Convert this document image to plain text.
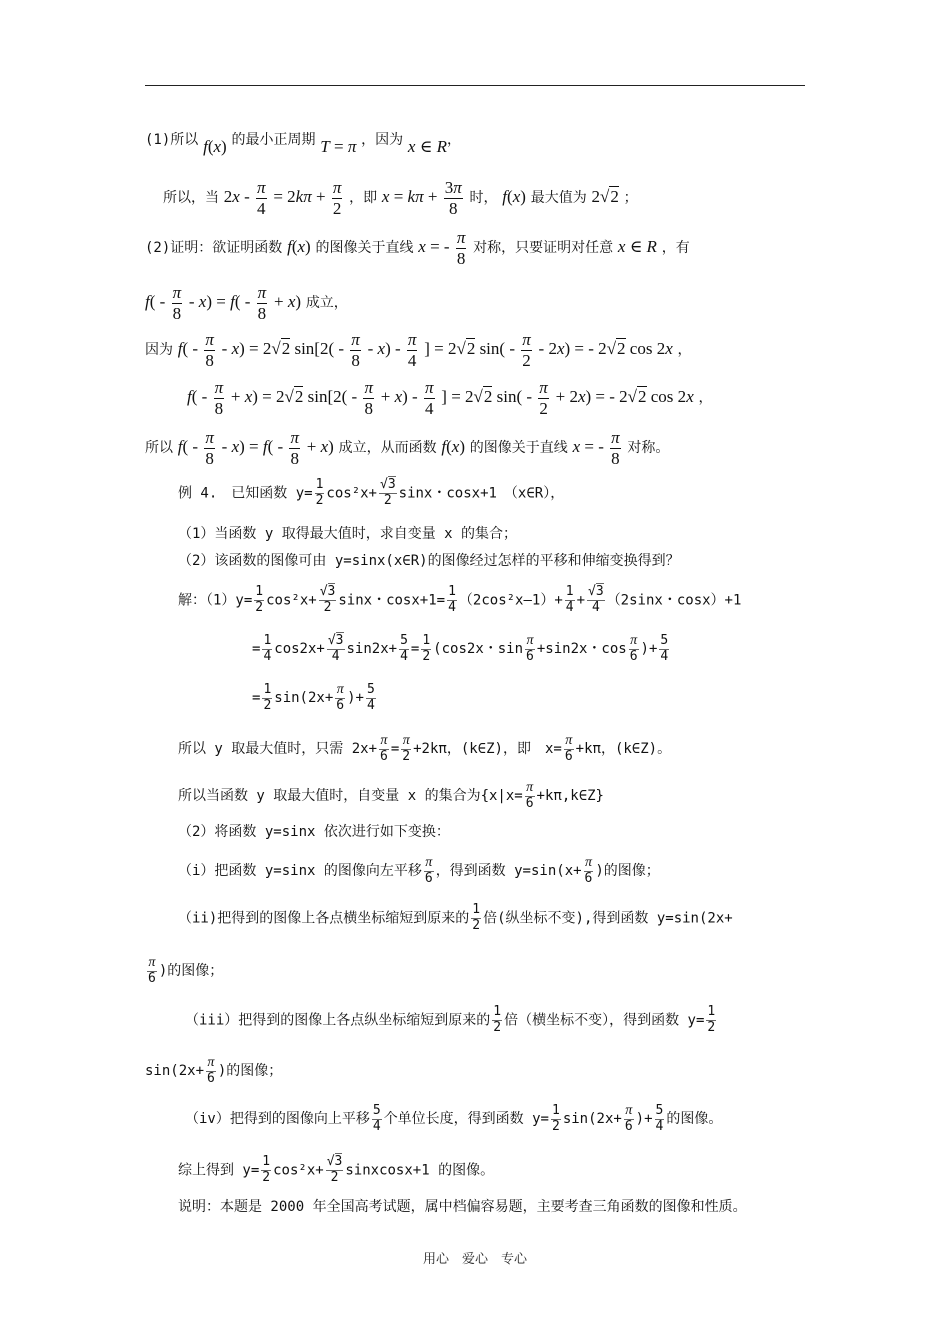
(1)所以 f(x) 的最小正周期 T = π ，因为 x ∈ R，
所以，当 $2x - \frac{\pi}{4} = 2k\pi + \frac{\pi}{2}$ ，即 $x = k\pi + \frac{3\pi}{8}$ 时， f(x) 最大值为 2√2 ；
(2)证明：欲证明函数 f(x) 的图像关于直线 x = - $\frac{\pi}{8}$ 对称，只要证明对任意 x ∈ R ，有
$f( - \frac{\pi}{8} - x) = f( - \frac{\pi}{8} + x)$ 成立，
因为 $f( - \frac{\pi}{8} - x) = 2√2$ $\sin[2( - \frac{\pi}{8} - x) - \frac{\pi}{4}$ ] = 2√2 $\sin( - \frac{\pi}{2} - 2x)$ = - 2√2 cos 2x ，
$f( - \frac{\pi}{8} + x) = 2√2$ $\sin[2( - \frac{\pi}{8} + x) - \frac{\pi}{4}$ ] = 2√2 $\sin( - \frac{\pi}{2} + 2x)$ = - 2√2 cos 2x ，
所以 $f( - \frac{\pi}{8} - x) = f( - \frac{\pi}{8} + x)$ 成立，从而函数 f(x) 的图像关于直线 x = - $\frac{\pi}{8}$ 对称。
例 4.　已知函数 $y= \frac{1}{2} \cos^2x+ \frac{√3}{2}$ sinx・cosx+1　（x∈R），
（1）当函数 y 取得最大值时，求自变量 x 的集合；
（2）该函数的图像可由 y=sinx(x∈R)的图像经过怎样的平移和伸缩变换得到？
解：$(1)y= \frac{1}{2} \cos^2x+ \frac{√3}{2}$ sinx・$\cos x+1= \frac{1}{4}$ （2cos²x—1）+ $\frac{1}{4} + \frac{√3}{4} (2\sin x$・cosx）+1
= $\frac{1}{4} \cos 2x+ \frac{√3}{4} \sin 2x+ \frac{5}{4} = \frac{1}{2} (\cos 2x$・$\sin \frac{\pi}{6} +\sin 2x$・$\cos \frac{\pi}{6}$ )+ $\frac{5}{4}$
= $\frac{1}{2} \sin(2x+ \frac{\pi}{6}$ )+ $\frac{5}{4}$
所以 y 取最大值时，只需 $2x+ \frac{\pi}{6} = \frac{\pi}{2} +2k\pi$，(k∈Z)，即　$x= \frac{\pi}{6} +k\pi$，(k∈Z)。
所以当函数 y 取最大值时，自变量 x 的集合为{$x|x= \frac{\pi}{6}$ +kπ,k∈Z}
（2）将函数 y=sinx 依次进行如下变换：
（i）把函数 y=sinx 的图像向左平移 $\frac{\pi}{6}$ ，得到函数 $y=\sin(x+ \frac{\pi}{6}$ )的图像；
（ii)把得到的图像上各点横坐标缩短到原来的 $\frac{1}{2}$ 倍(纵坐标不变),得到函数 y=sin(2x+
$\frac{\pi}{6}$ )的图像；
（iii）把得到的图像上各点纵坐标缩短到原来的 $\frac{1}{2}$ 倍（横坐标不变），得到函数 $y= \frac{1}{2}$
$\sin(2x+ \frac{\pi}{6}$ )的图像；
（iv）把得到的图像向上平移 $\frac{5}{4}$ 个单位长度，得到函数 $y= \frac{1}{2} \sin(2x+ \frac{\pi}{6}$ )+ $\frac{5}{4}$ 的图像。
综上得到 $y= \frac{1}{2} \cos^2x+ \frac{√3}{2}$ sinxcosx+1 的图像。
说明：本题是 2000 年全国高考试题，属中档偏容易题，主要考查三角函数的图像和性质。
用心　爱心　专心
